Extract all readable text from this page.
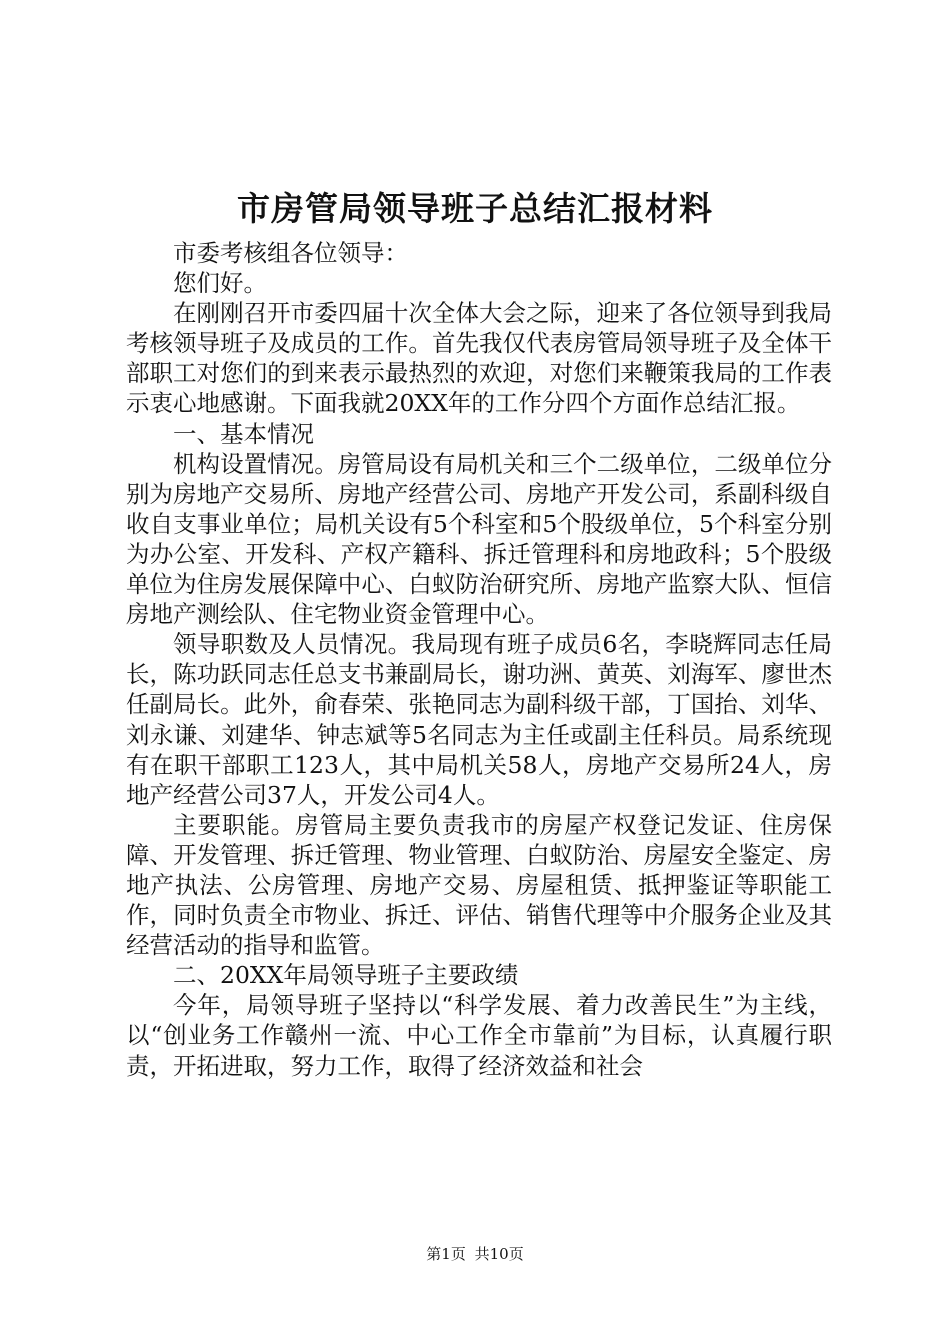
市房管局领导班子总结汇报材料

市委考核组各位领导：

您们好。

在刚刚召开市委四届十次全体大会之际，迎来了各位领导到我局考核领导班子及成员的工作。首先我仅代表房管局领导班子及全体干部职工对您们的到来表示最热烈的欢迎，对您们来鞭策我局的工作表示衷心地感谢。下面我就20XX年的工作分四个方面作总结汇报。

一、基本情况

机构设置情况。房管局设有局机关和三个二级单位，二级单位分别为房地产交易所、房地产经营公司、房地产开发公司，系副科级自收自支事业单位；局机关设有5个科室和5个股级单位，5个科室分别为办公室、开发科、产权产籍科、拆迁管理科和房地政科；5个股级单位为住房发展保障中心、白蚁防治研究所、房地产监察大队、恒信房地产测绘队、住宅物业资金管理中心。

领导职数及人员情况。我局现有班子成员6名，李晓辉同志任局长，陈功跃同志任总支书兼副局长，谢功洲、黄英、刘海军、廖世杰任副局长。此外，俞春荣、张艳同志为副科级干部，丁国抬、刘华、刘永谦、刘建华、钟志斌等5名同志为主任或副主任科员。局系统现有在职干部职工123人，其中局机关58人，房地产交易所24人，房地产经营公司37人，开发公司4人。

主要职能。房管局主要负责我市的房屋产权登记发证、住房保障、开发管理、拆迁管理、物业管理、白蚁防治、房屋安全鉴定、房地产执法、公房管理、房地产交易、房屋租赁、抵押鉴证等职能工作，同时负责全市物业、拆迁、评估、销售代理等中介服务企业及其经营活动的指导和监管。

二、20XX年局领导班子主要政绩

今年，局领导班子坚持以“科学发展、着力改善民生”为主线，以“创业务工作赣州一流、中心工作全市靠前”为目标，认真履行职责，开拓进取，努力工作，取得了经济效益和社会

第1页 共10页
